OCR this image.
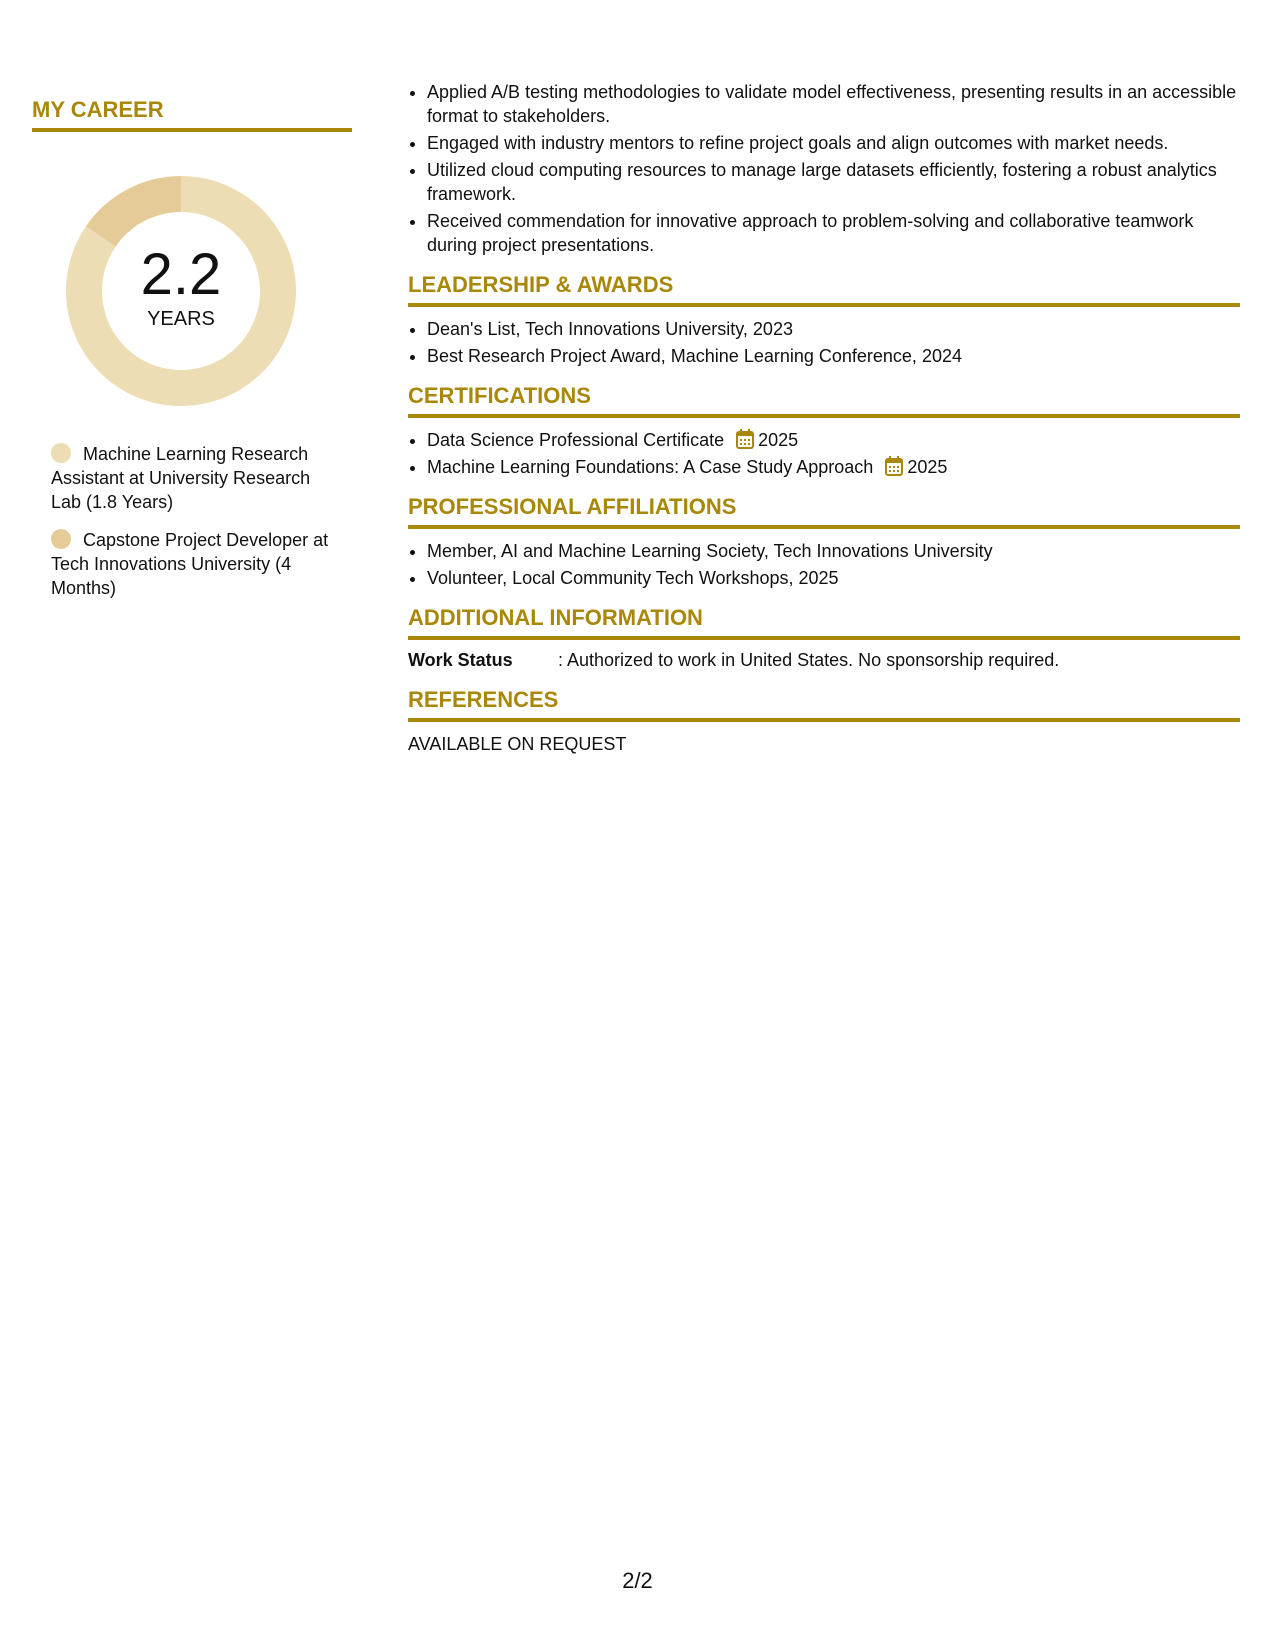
MY CAREER
2.2
YEARS
Machine Learning Research Assistant at University Research Lab (1.8 Years)
Capstone Project Developer at Tech Innovations University (4 Months)
• Applied A/B testing methodologies to validate model effectiveness, presenting results in an accessible format to stakeholders.
• Engaged with industry mentors to refine project goals and align outcomes with market needs.
• Utilized cloud computing resources to manage large datasets efficiently, fostering a robust analytics framework.
• Received commendation for innovative approach to problem-solving and collaborative teamwork during project presentations.
LEADERSHIP & AWARDS
• Dean's List, Tech Innovations University, 2023
• Best Research Project Award, Machine Learning Conference, 2024
CERTIFICATIONS
• Data Science Professional Certificate 2025
• Machine Learning Foundations: A Case Study Approach 2025
PROFESSIONAL AFFILIATIONS
• Member, AI and Machine Learning Society, Tech Innovations University
• Volunteer, Local Community Tech Workshops, 2025
ADDITIONAL INFORMATION
Work Status	: Authorized to work in United States. No sponsorship required.
REFERENCES
AVAILABLE ON REQUEST
2/2
